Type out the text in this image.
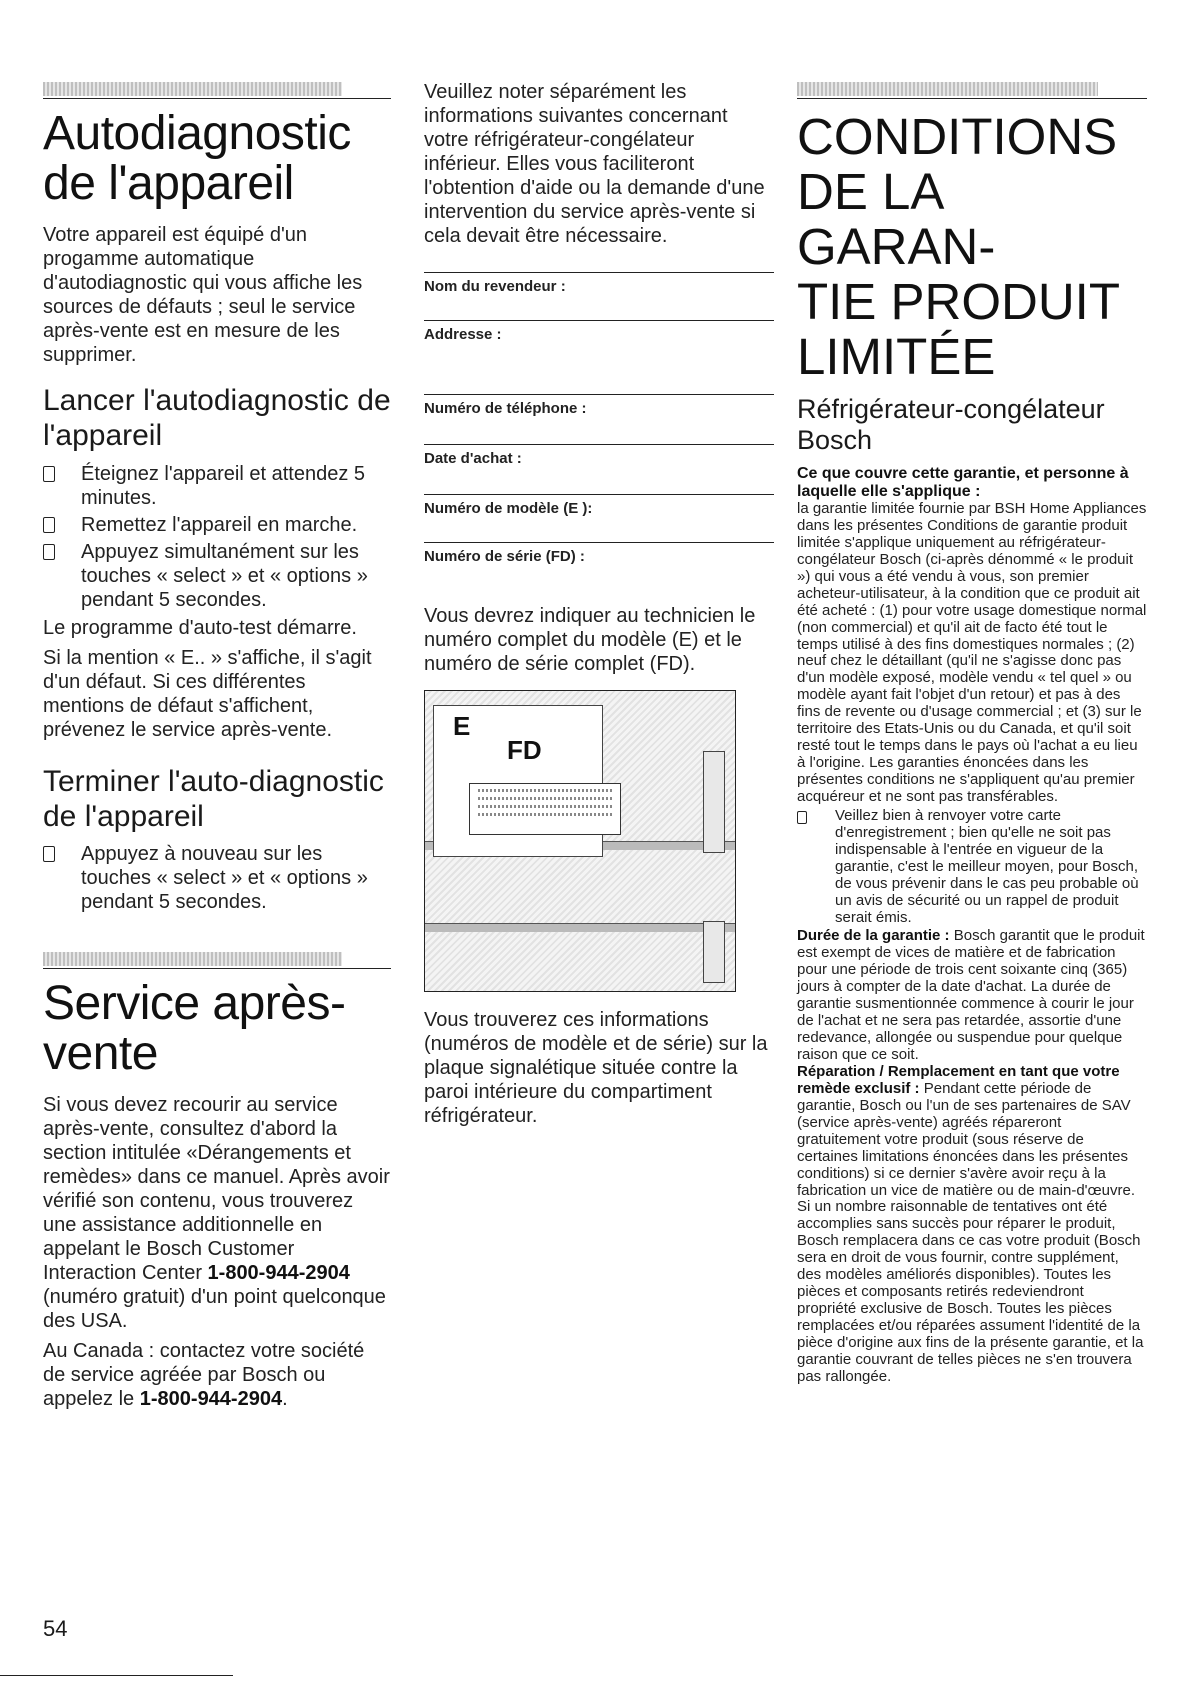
Autodiagnostic de l'appareil

Votre appareil est équipé d'un progamme automatique d'autodiagnostic qui vous affiche les sources de défauts ; seul le service après-vente est en mesure de les supprimer.

Lancer l'autodiagnostic de l'appareil
Éteignez l'appareil et attendez 5 minutes.
Remettez l'appareil en marche.
Appuyez simultanément sur les touches « select » et « options » pendant 5 secondes.

Le programme d'auto-test démarre.

Si la mention « E.. » s'affiche, il s'agit d'un défaut. Si ces différentes mentions de défaut s'affichent, prévenez le service après-vente.

Terminer l'auto-diagnostic de l'appareil
Appuyez à nouveau sur les touches « select » et « options » pendant 5 secondes.
Service après-vente

Si vous devez recourir au service après-vente, consultez d'abord la section intitulée «Dérangements et remèdes» dans ce manuel. Après avoir vérifié son contenu, vous trouverez une assistance additionnelle en appelant le Bosch Customer Interaction Center 1-800-944-2904 (numéro gratuit) d'un point quelconque des USA.

Au Canada : contactez votre société de service agréée par Bosch ou appelez le 1-800-944-2904.

Veuillez noter séparément les informations suivantes concernant votre réfrigérateur-congélateur inférieur. Elles vous faciliteront l'obtention d'aide ou la demande d'une intervention du service après-vente si cela devait être nécessaire.

Nom du revendeur :
Addresse :
Numéro de téléphone :
Date d'achat :
Numéro de modèle (E ):
Numéro de série (FD) :

Vous devrez indiquer au technicien le numéro complet du modèle (E) et le numéro de série complet (FD).

E
FD

Vous trouverez ces informations (numéros de modèle et de série) sur la plaque signalétique située contre la paroi intérieure du compartiment réfrigérateur.

CONDITIONS
DE LA GARAN-
TIE PRODUIT
LIMITÉE
Réfrigérateur-congélateur Bosch

Ce que couvre cette garantie, et personne à laquelle elle s'applique :
la garantie limitée fournie par BSH Home Appliances dans les présentes Conditions de garantie produit limitée s'applique uniquement au réfrigérateur-congélateur Bosch (ci-après dénommé « le produit ») qui vous a été vendu à vous, son premier acheteur-utilisateur, à la condition que ce produit ait été acheté : (1) pour votre usage domestique normal (non commercial) et qu'il ait de facto été tout le temps utilisé à des fins domestiques normales ; (2) neuf chez le détaillant (qu'il ne s'agisse donc pas d'un modèle exposé, modèle vendu « tel quel » ou modèle ayant fait l'objet d'un retour) et pas à des fins de revente ou d'usage commercial ; et (3) sur le territoire des Etats-Unis ou du Canada, et qu'il soit resté tout le temps dans le pays où l'achat a eu lieu à l'origine. Les garanties énoncées dans les présentes conditions ne s'appliquent qu'au premier acquéreur et ne sont pas transférables.

Veillez bien à renvoyer votre carte d'enregistrement ; bien qu'elle ne soit pas indispensable à l'entrée en vigueur de la garantie, c'est le meilleur moyen, pour Bosch, de vous prévenir dans le cas peu probable où un avis de sécurité ou un rappel de produit serait émis.

Durée de la garantie : Bosch garantit que le produit est exempt de vices de matière et de fabrication pour une période de trois cent soixante cinq (365) jours à compter de la date d'achat. La durée de garantie susmentionnée commence à courir le jour de l'achat et ne sera pas retardée, assortie d'une redevance, allongée ou suspendue pour quelque raison que ce soit.

Réparation / Remplacement en tant que votre remède exclusif : Pendant cette période de garantie, Bosch ou l'un de ses partenaires de SAV (service après-vente) agréés répareront gratuitement votre produit (sous réserve de certaines limitations énoncées dans les présentes conditions) si ce dernier s'avère avoir reçu à la fabrication un vice de matière ou de main-d'œuvre. Si un nombre raisonnable de tentatives ont été accomplies sans succès pour réparer le produit, Bosch remplacera dans ce cas votre produit (Bosch sera en droit de vous fournir, contre supplément, des modèles améliorés disponibles). Toutes les pièces et composants retirés redeviendront propriété exclusive de Bosch. Toutes les pièces remplacées et/ou réparées assument l'identité de la pièce d'origine aux fins de la présente garantie, et la garantie couvrant de telles pièces ne s'en trouvera pas rallongée.

54
